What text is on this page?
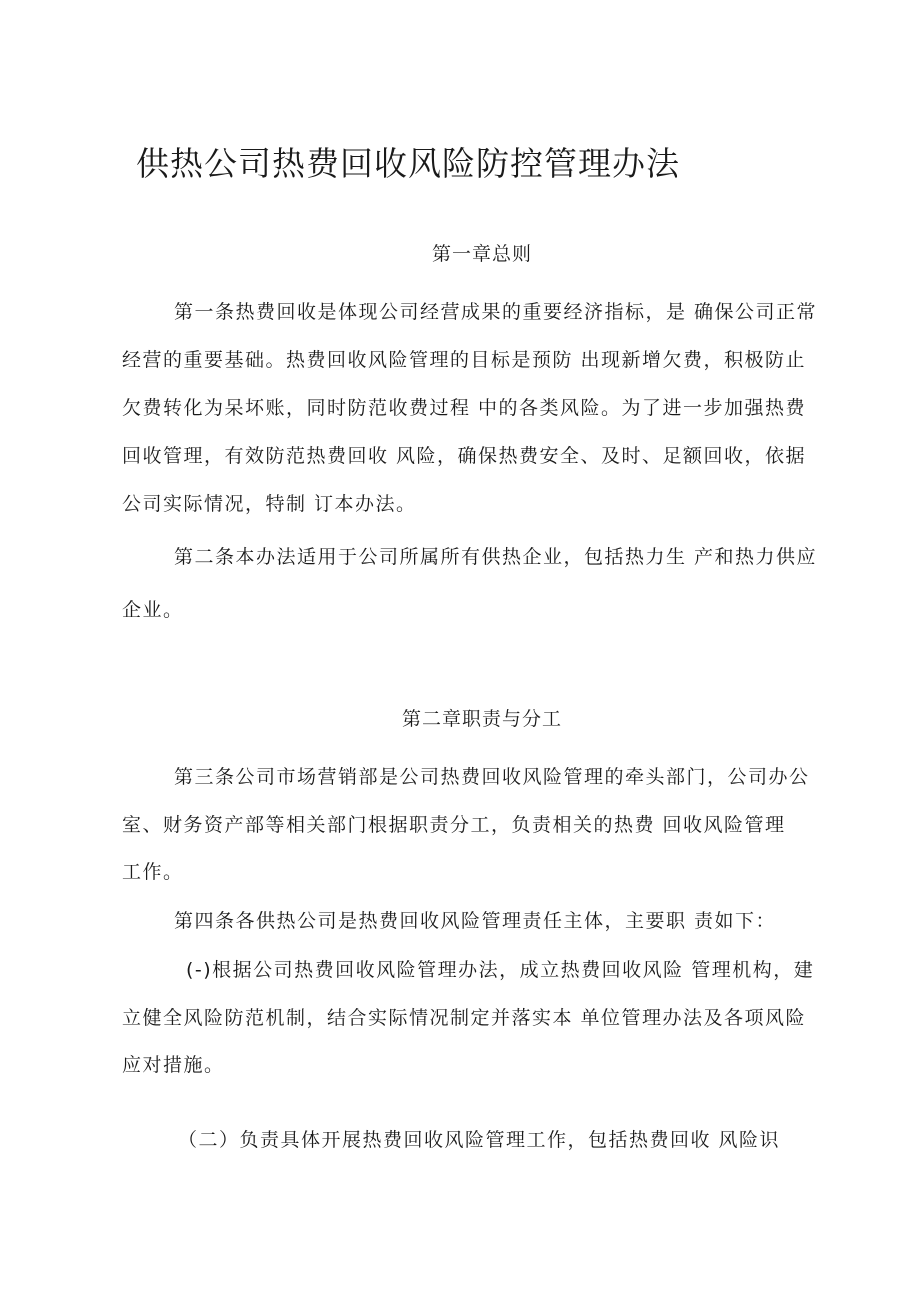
供热公司热费回收风险防控管理办法
第一章总则

第一条热费回收是体现公司经营成果的重要经济指标，是 确保公司正常

经营的重要基础。热费回收风险管理的目标是预防 出现新增欠费，积极防止

欠费转化为呆坏账，同时防范收费过程 中的各类风险。为了进一步加强热费

回收管理，有效防范热费回收 风险，确保热费安全、及时、足额回收，依据

公司实际情况，特制 订本办法。

第二条本办法适用于公司所属所有供热企业，包括热力生 产和热力供应

企业。

第二章职责与分工

第三条公司市场营销部是公司热费回收风险管理的牵头部门，公司办公

室、财务资产部等相关部门根据职责分工，负责相关的热费 回收风险管理

工作。

第四条各供热公司是热费回收风险管理责任主体，主要职 责如下：

(-)根据公司热费回收风险管理办法，成立热费回收风险 管理机构，建

立健全风险防范机制，结合实际情况制定并落实本 单位管理办法及各项风险

应对措施。

（二）负责具体开展热费回收风险管理工作，包括热费回收 风险识
